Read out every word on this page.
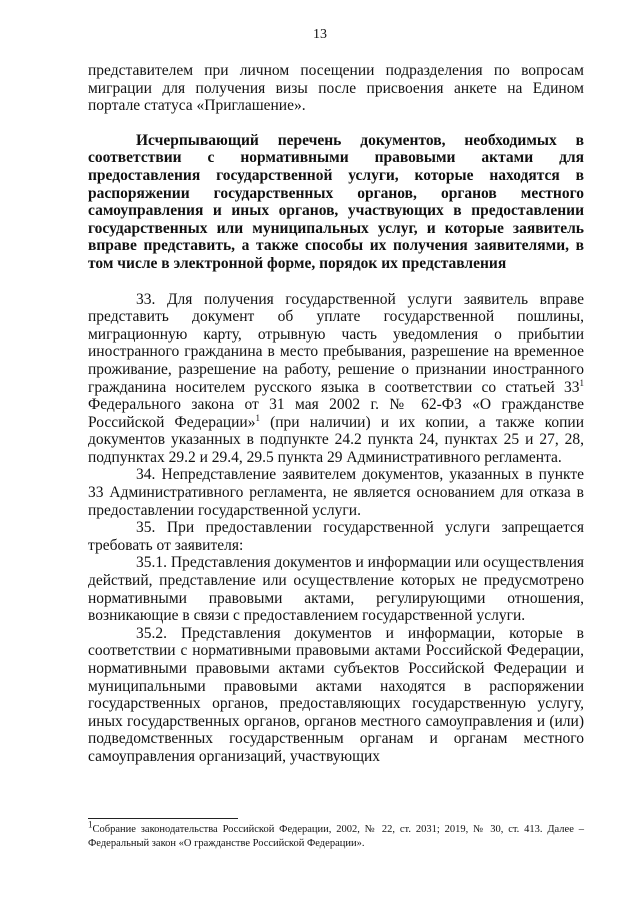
13

представителем при личном посещении подразделения по вопросам миграции для получения визы после присвоения анкете на Едином портале статуса «Приглашение».

Исчерпывающий перечень документов, необходимых в соответствии с нормативными правовыми актами для предоставления государственной услуги, которые находятся в распоряжении государственных органов, органов местного самоуправления и иных органов, участвующих в предоставлении государственных или муниципальных услуг, и которые заявитель вправе представить, а также способы их получения заявителями, в том числе в электронной форме, порядок их представления

33. Для получения государственной услуги заявитель вправе представить документ об уплате государственной пошлины, миграционную карту, отрывную часть уведомления о прибытии иностранного гражданина в место пребывания, разрешение на временное проживание, разрешение на работу, решение о признании иностранного гражданина носителем русского языка в соответствии со статьей $33^1$ Федерального закона от 31 мая 2002 г. № 62-ФЗ «О гражданстве Российской Федерации»$^1$ (при наличии) и их копии, а также копии документов указанных в подпункте 24.2 пункта 24, пунктах 25 и 27, 28, подпунктах 29.2 и 29.4, 29.5 пункта 29 Административного регламента.

34. Непредставление заявителем документов, указанных в пункте 33 Административного регламента, не является основанием для отказа в предоставлении государственной услуги.

35. При предоставлении государственной услуги запрещается требовать от заявителя:

35.1. Представления документов и информации или осуществления действий, представление или осуществление которых не предусмотрено нормативными правовыми актами, регулирующими отношения, возникающие в связи с предоставлением государственной услуги.

35.2. Представления документов и информации, которые в соответствии с нормативными правовыми актами Российской Федерации, нормативными правовыми актами субъектов Российской Федерации и муниципальными правовыми актами находятся в распоряжении государственных органов, предоставляющих государственную услугу, иных государственных органов, органов местного самоуправления и (или) подведомственных государственным органам и органам местного самоуправления организаций, участвующих

$^1$Собрание законодательства Российской Федерации, 2002, № 22, ст. 2031; 2019, № 30, ст. 413. Далее – Федеральный закон «О гражданстве Российской Федерации».
